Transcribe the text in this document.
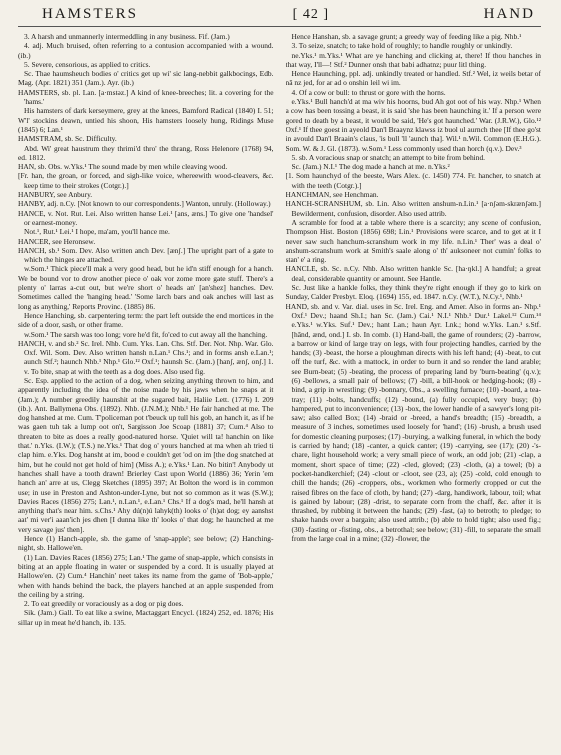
HAMSTERS	[ 42 ]	HAND

3. A harsh and unmannerly intermeddling in any business. Fif. (Jam.)

4. adj. Much bruised, often referring to a contusion accompanied with a wound. (ib.)

5. Severe, censorious, as applied to critics.

Sc. Thae haumsheuch bodies o' critics get up wi' sic lang-nebbit galkbocings, Edb. Mag. (Apr. 1821) 351 (Jam.). Ayr. (ib.)

HAMSTERS, sb. pl. Lan. [a·mstəz.] A kind of knee-breeches; lit. a covering for the 'hams.'

His hamsters of dark kerseymere, grey at the knees, Bamford Radical (1840) I. 51; W'l' stockins deawn, untied his shoon, His hamsters loosely hung, Ridings Muse (1845) 6; Lan.¹

HAMSTRAM, sb. Sc. Difficulty.

Abd. Wi' great haustrum they thrimi'd thro' the thrang, Ross Helenore (1768) 94, ed. 1812.

HAN, sb. Obs. w.Yks.¹ The sound made by men while cleaving wood.

[Fr. han, the groan, or forced, and sigh-like voice, whereewith wood-cleavers, &c. keep time to their strokes (Cotgr.).]

HANBURY, see Anbury.

HANBY, adj. n.Cy. [Not known to our correspondents.] Wanton, unruly. (Holloway.)

HANCE, v. Not. Rut. Lei. Also written hanse Lei.¹ [ans, æns.] To give one 'handsel' or earnest-money.

Not.¹, Rut.¹ Lei.¹ I hope, ma'am, you'll hance me.

HANCER, see Heronsew.

HANCH, sb.¹ Som. Dev. Also written anch Dev. [ænʃ.] The upright part of a gate to which the hinges are attached.

w.Som.¹ Thick piece'll mak a very good head, but he id'n stiff enough for a hanch. We be bound vor to drow another piece o' oak vor zome more gate stuff. There's a plenty o' larras a-cut out, but we're short o' heads an' [an'shez] hanches. Dev. Sometimes called the 'hanging head.' 'Some larch bars and oak anches will last as long as anything,' Reports Provinc. (1885) 86.

Hence Hanching, sb. carpentering term: the part left outside the end mortices in the side of a door, sash, or other frame.

w.Som.¹ The sarsh was too long; vore he'd fit, fo'ced to cut away all the hanching.

HANCH, v. and sb.² Sc. Irel. Nhb. Cum. Yks. Lan. Chs. Stf. Der. Not. Nhp. War. Glo. Oxf. Wil. Som. Dev. Also written hansh n.Lan.¹ Chs.¹; and in forms ansh e.Lan.¹; aunch Stf.²; haunch Nhb.¹ Nhp.¹ Glo.¹² Oxf.¹; haunsh Sc. (Jam.) [hanʃ, ænʃ, onʃ.] 1. v. To bite, snap at with the teeth as a dog does. Also used fig.

Sc. Esp. applied to the action of a dog, when seizing anything thrown to him, and apparently including the idea of the noise made by his jaws when he snaps at it (Jam.); A number greedily haunshit at the sugared bait, Haliie Lett. (1776) I. 209 (ib.). Ant. Ballymena Obs. (1892). Nhb. (J.N.M.); Nhb.¹ He fair hanched at me. The dog hanshed at me. Cum. T'policeman pot t'beuck up tull his gob, an hanch it, as if he was gaen tuh tak a lump oot on't, Sargisson Joe Scoap (1881) 37; Cum.⁴ Also to threaten to bite as does a really good-natured horse. 'Quiet will ta! hanchin on like that.' n.Yks. (I.W.); (T.S.) ne.Yks.¹ That dog o' yours hanched at ma when ah tried ti clap him. e.Yks. Dog hansht at im, bood e couldn't get 'od on im [the dog snatched at him, but he could not get hold of him] (Miss A.); e.Yks.¹ Lan. No bitin'! Anybody ut hanches shall have a tooth drawn! Brierley Cast upon World (1886) 36; Yerin 'em hanch an' arre at us, Clegg Sketches (1895) 397; At Bolton the word is in common use; in use in Preston and Ashton-under-Lyne, but not so common as it was (S.W.); Davies Races (1856) 275; Lan.¹, n.Lan.¹, e.Lan.¹ Chs.¹ If a dog's mad, he'll hansh at anything that's near him. s.Chs.¹ Ahy dú(n)ú lahyk(th) looks o' (h)at dog; ey aanshst aat' mi ver'i aaan'ich jes dhen [I dunna like th' looks o' that dog; he haunched at me very savage jus' then].

Hence (1) Hanch-apple, sb. the game of 'snap-apple'; see below; (2) Hanching-night, sb. Hallowe'en.

(1) Lan. Davies Races (1856) 275; Lan.¹ The game of snap-apple, which consists in biting at an apple floating in water or suspended by a cord. It is usually played at Hallowe'en. (2) Cum.⁴ Hanchin' neet takes its name from the game of 'Bob-apple,' when with hands behind the back, the players hanched at an apple suspended from the ceiling by a string.

2. To eat greedily or voraciously as a dog or pig does.

Sik. (Jam.) Gall. To eat like a swine, Mactaggart Encycl. (1824) 252, ed. 1876; His sillar up in meat he'd hanch, ib. 135.

Hence Hanshan, sb. a savage grunt; a greedy way of feeding like a pig. Nhb.¹

3. To seize, snatch; to take hold of roughly; to handle roughly or unkindly.

ne.Yks.¹ m.Yks.¹ What are ye hanching and clicking at, there! If thou hanches in that way, I'll—! Stf.² Dunner onsh that babi adhatnz; puur litl thing.

Hence Haunching, ppl. adj. unkindly treated or handled. Stf.² Wel, iz weils betar of nā nz jed, for ar ad o onshin leil wi im.

4. Of a cow or bull: to thrust or gore with the horns.

e.Yks.¹ Bull hanch'd at ma wiv his hoorns, bud Ah got oot of his way. Nhp.¹ When a cow has been tossing a beast, it is said 'she has been haunching it.' If a person were gored to death by a beast, it would be said, 'He's got haunched.' War. (J.R.W.), Glo.¹² Oxf.¹ If thee goest in ayeold Dan'l Braaynz klawss iz buol ul aurnch thee [If thee go'st in avould Dan'l Braain's claus, 'is bull 'll 'aunch tha]. Wil.¹ n.Wil. Common (E.H.G.). Som. W. & J. Gl. (1873). w.Som.¹ Less commonly used than horch (q.v.). Dev.³

5. sb. A voracious snap or snatch; an attempt to bite from behind.

Sc. (Jam.) N.I.¹ The dog made a hanch at me. n.Yks.²

[1. Som haunchyd of the beeste, Wars Alex. (c. 1450) 774. Fr. hancher, to snatch at with the teeth (Cotgr.).]

HANCHMAN, see Henchman.

HANCH-SCRANSHUM, sb. Lin. Also written anshum-n.Lin.¹ [a·nʃəm-skrænʃəm.] Bewilderment, confusion, disorder. Also used attrib.

A scramble for food at a table where there is a scarcity; any scene of confusion, Thompson Hist. Boston (1856) 698; Lin.¹ Provisions were scarce, and to get at it I never saw such hanchum-scranshum work in my life. n.Lin.¹ Ther' was a deal o' anshum-scranshum work at Smith's saale along o' th' auksoneer not cumin' folks to stan' e' a ring.

HANCLE, sb. Sc. n.Cy. Nhb. Also written hankle Sc. [ha·ŋkl.] A handful; a great deal, considerable quantity or amount. See Hantle.

Sc. Just like a hankle folks, they think they're right enough if they go to kirk on Sunday, Calder Presbyt. Eloq. (1694) 155, ed. 1847. n.Cy. (W.T.), N.Cy.¹, Nhb.¹

HAND, sb. and v. Var. dial. uses in Sc. Irel. Eng. and Amer. Also in forms an- Nhp.¹ Oxf.¹ Dev.; haand Sh.I.; han Sc. (Jam.) Cai.¹ N.I.¹ Nhb.¹ Dur.¹ Lakel.¹² Cum.¹⁴ e.Yks.¹ w.Yks. Suf.¹ Dev.; hant Lan.; haun Ayr. Lnk.; hond w.Yks. Lan.¹ s.Stf. [hānd, ænd, ond.] I. sb. In comb. (1) Hand-ball, the game of rounders; (2) -barrow, a barrow or kind of large tray on legs, with four projecting handles, carried by the hands; (3) -beast, the horse a ploughman directs with his left hand; (4) -beat, to cut off the turf, &c. with a mattock, in order to burn it and so render the land arable; see Burn-beat; (5) -beating, the process of preparing land by 'burn-beating' (q.v.); (6) -bellows, a small pair of bellows; (7) -bill, a bill-hook or hedging-hook; (8) -bind, a grip in wrestling; (9) -bonnary, Obs., a swelling furnace; (10) -board, a tea-tray; (11) -bolts, handcuffs; (12) -bound, (a) fully occupied, very busy; (b) hampered, put to inconvenience; (13) -box, the lower handle of a sawyer's long pit-saw; also called Box; (14) -braid or -breed, a hand's breadth; (15) -breadth, a measure of 3 inches, sometimes used loosely for 'hand'; (16) -brush, a brush used for domestic cleaning purposes; (17) -burying, a walking funeral, in which the body is carried by hand; (18) -canter, a quick canter; (19) -carrying, see (17); (20) -'s-chare, light household work; a very small piece of work, an odd job; (21) -clap, a moment, short space of time; (22) -cled, gloved; (23) -cloth, (a) a towel; (b) a pocket-handkerchief; (24) -clout or -cloot, see (23, a); (25) -cold, cold enough to chill the hands; (26) -croppers, obs., workmen who formerly cropped or cut the raised fibres on the face of cloth, by hand; (27) -darg, handiwork, labour, toil; what is gained by labour; (28) -drist, to separate corn from the chaff, &c. after it is thrashed, by rubbing it between the hands; (29) -fast, (a) to betroth; to pledge; to shake hands over a bargain; also used attrib.; (b) able to hold tight; also used fig.; (30) -fasting or -fisting, obs., a betrothal; see below; (31) -fill, to separate the small from the large coal in a mine; (32) -flower, the
